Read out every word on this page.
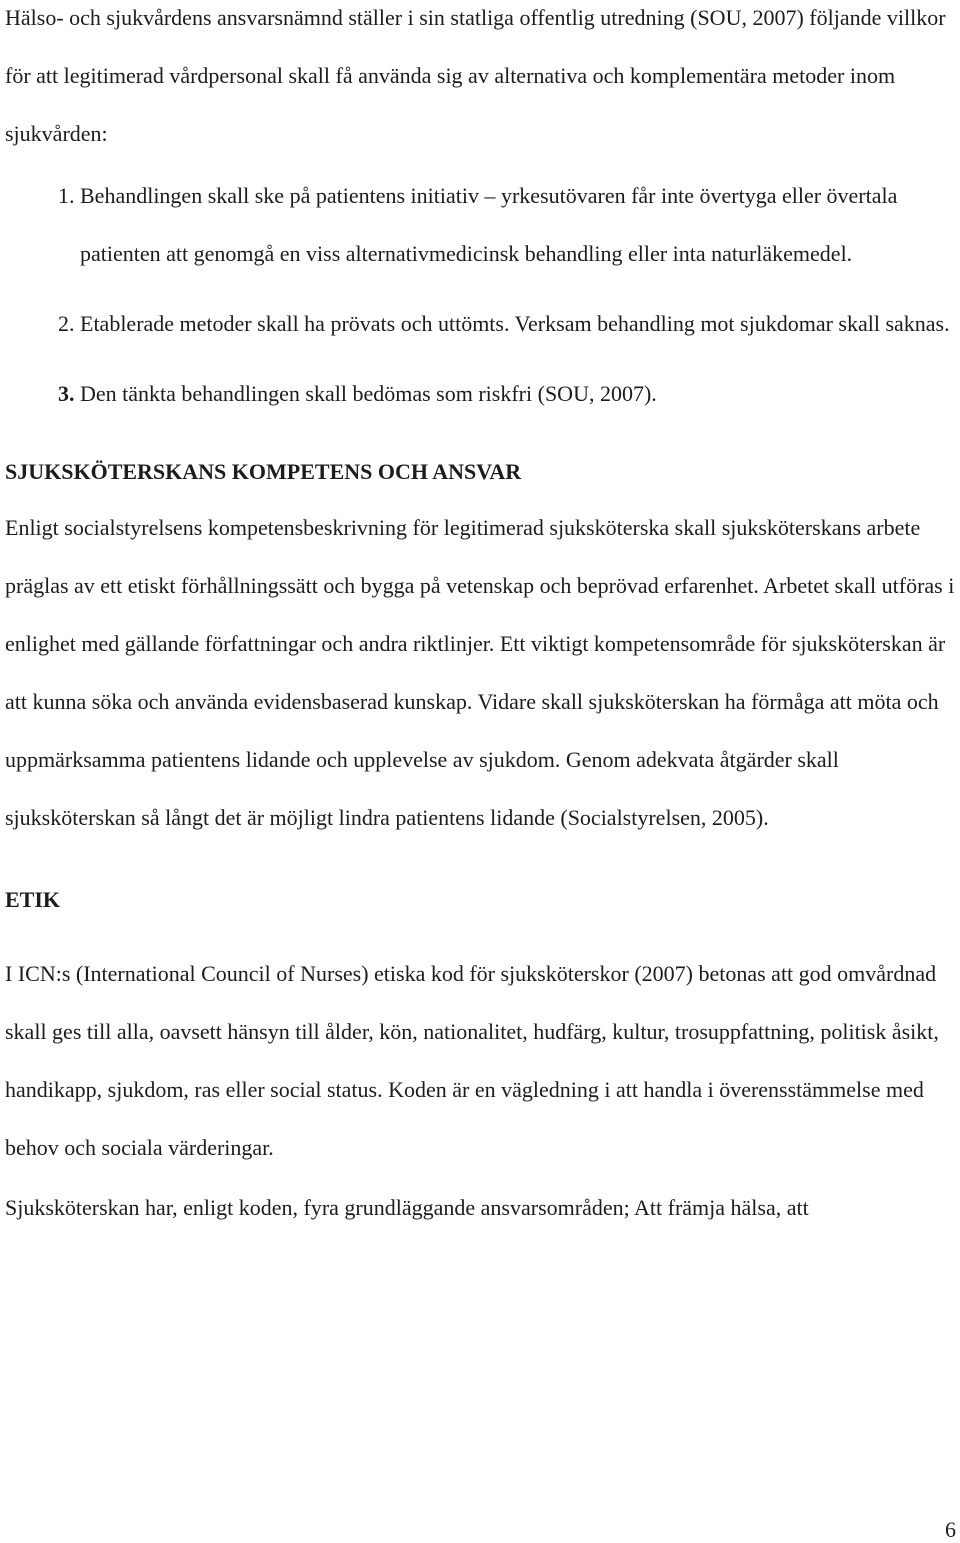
Hälso- och sjukvårdens ansvarsnämnd ställer i sin statliga offentlig utredning (SOU, 2007) följande villkor för att legitimerad vårdpersonal skall få använda sig av alternativa och komplementära metoder inom sjukvården:

1. Behandlingen skall ske på patientens initiativ – yrkesutövaren får inte övertyga eller övertala patienten att genomgå en viss alternativmedicinsk behandling eller inta naturläkemedel.
2. Etablerade metoder skall ha prövats och uttömts. Verksam behandling mot sjukdomar skall saknas.
3. Den tänkta behandlingen skall bedömas som riskfri (SOU, 2007).
SJUKSKÖTERSKANS KOMPETENS OCH ANSVAR

Enligt socialstyrelsens kompetensbeskrivning för legitimerad sjuksköterska skall sjuksköterskans arbete präglas av ett etiskt förhållningssätt och bygga på vetenskap och beprövad erfarenhet. Arbetet skall utföras i enlighet med gällande författningar och andra riktlinjer. Ett viktigt kompetensområde för sjuksköterskan är att kunna söka och använda evidensbaserad kunskap. Vidare skall sjuksköterskan ha förmåga att möta och uppmärksamma patientens lidande och upplevelse av sjukdom. Genom adekvata åtgärder skall sjuksköterskan så långt det är möjligt lindra patientens lidande (Socialstyrelsen, 2005).

ETIK

I ICN:s (International Council of Nurses) etiska kod för sjuksköterskor (2007) betonas att god omvårdnad skall ges till alla, oavsett hänsyn till ålder, kön, nationalitet, hudfärg, kultur, trosuppfattning, politisk åsikt, handikapp, sjukdom, ras eller social status. Koden är en vägledning i att handla i överensstämmelse med behov och sociala värderingar.

Sjuksköterskan har, enligt koden, fyra grundläggande ansvarsområden; Att främja hälsa, att

6
